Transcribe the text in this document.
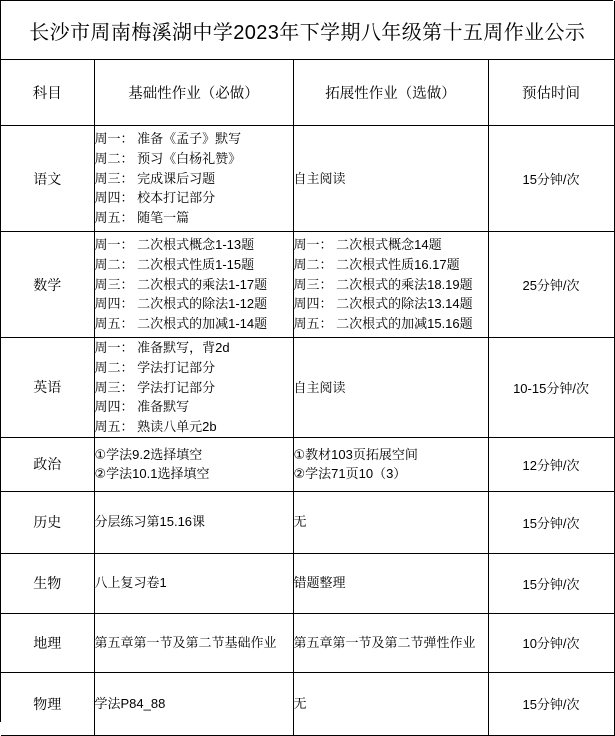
长沙市周南梅溪湖中学2023年下学期八年级第十五周作业公示			
科目	基础性作业（必做）	拓展性作业（选做）	预估时间
语文	周一： 准备《孟子》默写
周二： 预习《白杨礼赞》
周三： 完成课后习题
周四： 校本打记部分
周五： 随笔一篇	自主阅读	15分钟/次
数学	周一： 二次根式概念1-13题
周二： 二次根式性质1-15题
周三： 二次根式的乘法1-17题
周四： 二次根式的除法1-12题
周五： 二次根式的加减1-14题	周一： 二次根式概念14题
周二： 二次根式性质16.17题
周三： 二次根式的乘法18.19题
周四： 二次根式的除法13.14题
周五： 二次根式的加减15.16题	25分钟/次
英语	周一： 准备默写，背2d
周二： 学法打记部分
周三： 学法打记部分
周四： 准备默写
周五： 熟读八单元2b	自主阅读	10-15分钟/次
政治	①学法9.2选择填空
②学法10.1选择填空	①教材103页拓展空间
②学法71页10（3）	12分钟/次
历史	分层练习第15.16课	无	15分钟/次
生物	八上复习卷1	错题整理	15分钟/次
地理	第五章第一节及第二节基础作业	第五章第一节及第二节弹性作业	10分钟/次
物理	学法P84_88	无	15分钟/次
